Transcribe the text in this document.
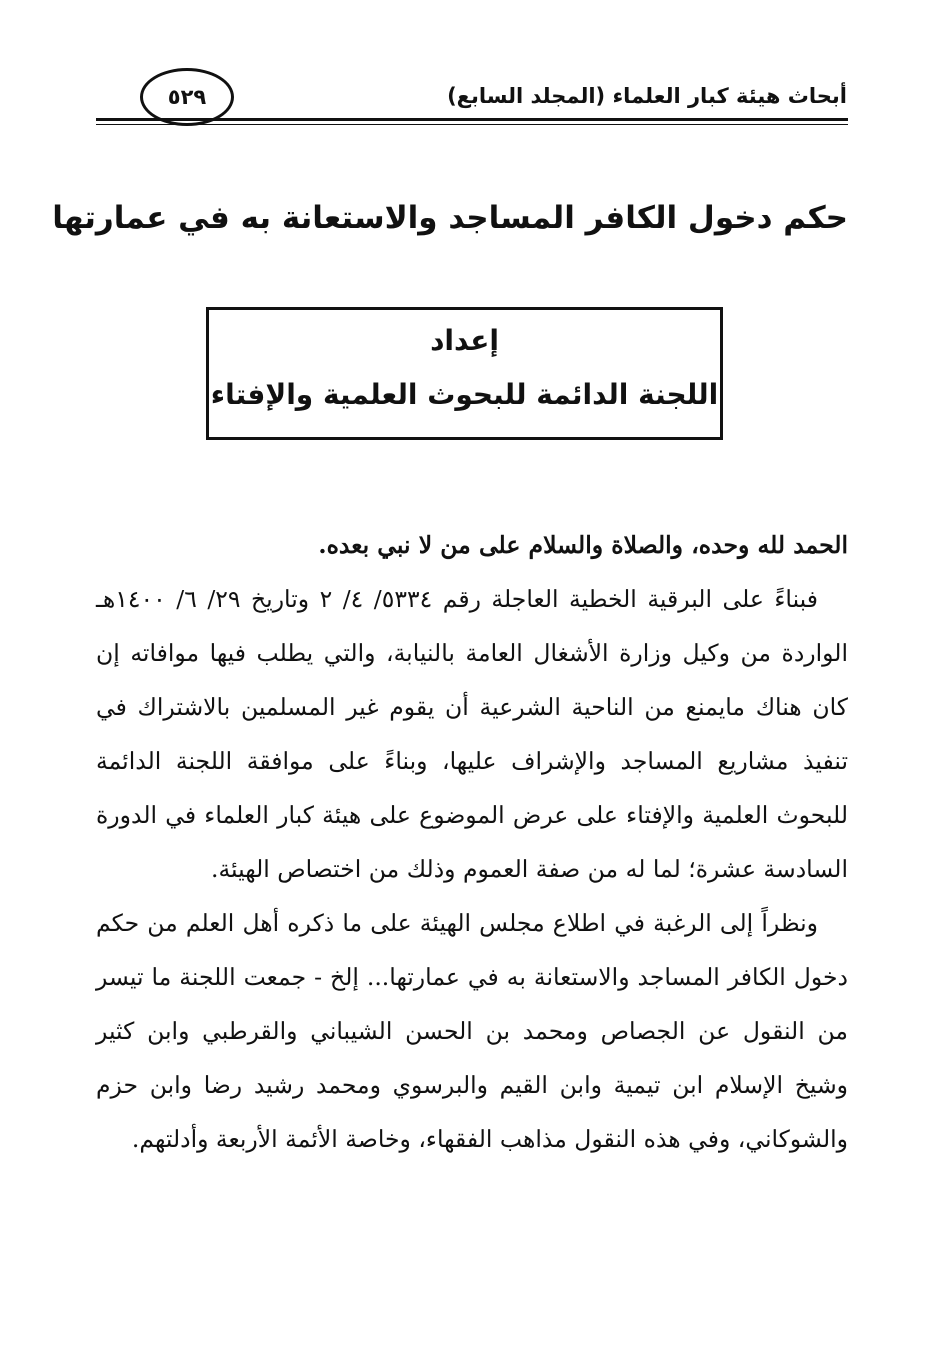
أبحاث هيئة كبار العلماء (المجلد السابع)
٥٢٩
حكم دخول الكافر المساجد والاستعانة به في عمارتها
إعداد
اللجنة الدائمة للبحوث العلمية والإفتاء

الحمد لله وحده، والصلاة والسلام على من لا نبي بعده.

فبناءً على البرقية الخطية العاجلة رقم ٥٣٣٤/ ٤/ ٢ وتاريخ ٢٩/ ٦/ ١٤٠٠هـ الواردة من وكيل وزارة الأشغال العامة بالنيابة، والتي يطلب فيها موافاته إن كان هناك مايمنع من الناحية الشرعية أن يقوم غير المسلمين بالاشتراك في تنفيذ مشاريع المساجد والإشراف عليها، وبناءً على موافقة اللجنة الدائمة للبحوث العلمية والإفتاء على عرض الموضوع على هيئة كبار العلماء في الدورة السادسة عشرة؛ لما له من صفة العموم وذلك من اختصاص الهيئة.

ونظراً إلى الرغبة في اطلاع مجلس الهيئة على ما ذكره أهل العلم من حكم دخول الكافر المساجد والاستعانة به في عمارتها... إلخ - جمعت اللجنة ما تيسر من النقول عن الجصاص ومحمد بن الحسن الشيباني والقرطبي وابن كثير وشيخ الإسلام ابن تيمية وابن القيم والبرسوي ومحمد رشيد رضا وابن حزم والشوكاني، وفي هذه النقول مذاهب الفقهاء، وخاصة الأئمة الأربعة وأدلتهم.
